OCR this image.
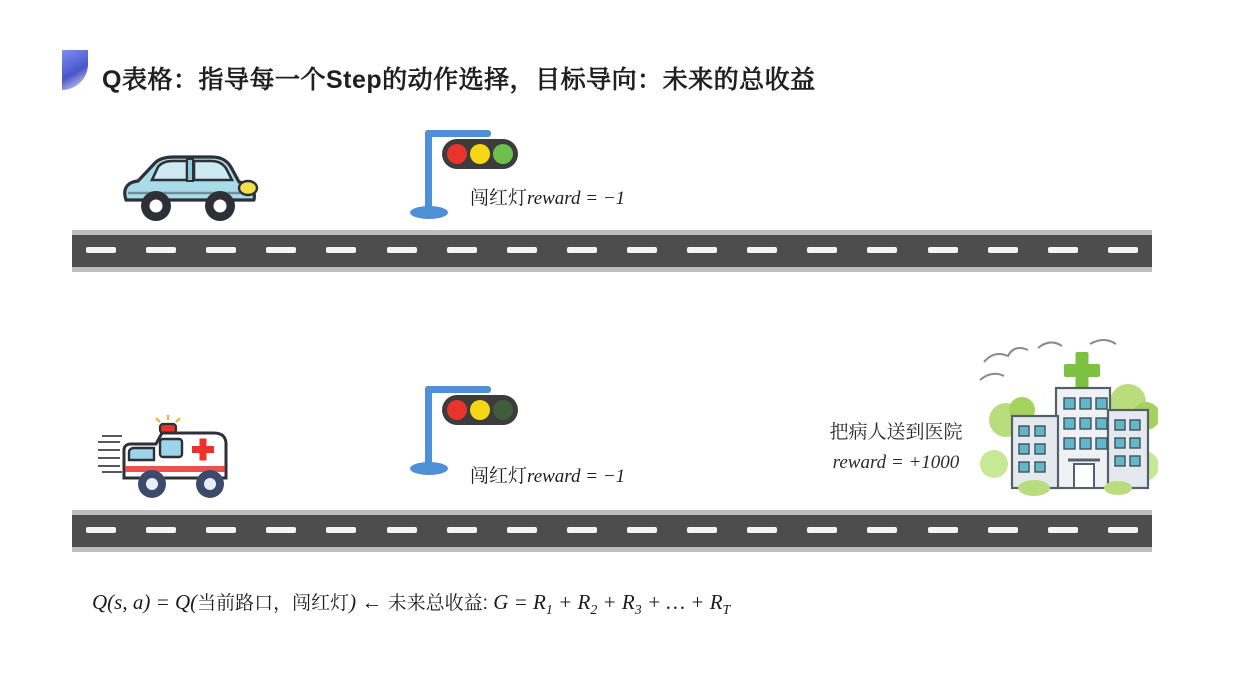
Q表格：指导每一个Step的动作选择，目标导向：未来的总收益
闯红灯reward = −1
闯红灯reward = −1
把病人送到医院
reward = +1000
Q(s, a) = Q(当前路口，闯红灯) ← 未来总收益: $G = R_1 + R_2 + R_3$ + … + $R_T$
